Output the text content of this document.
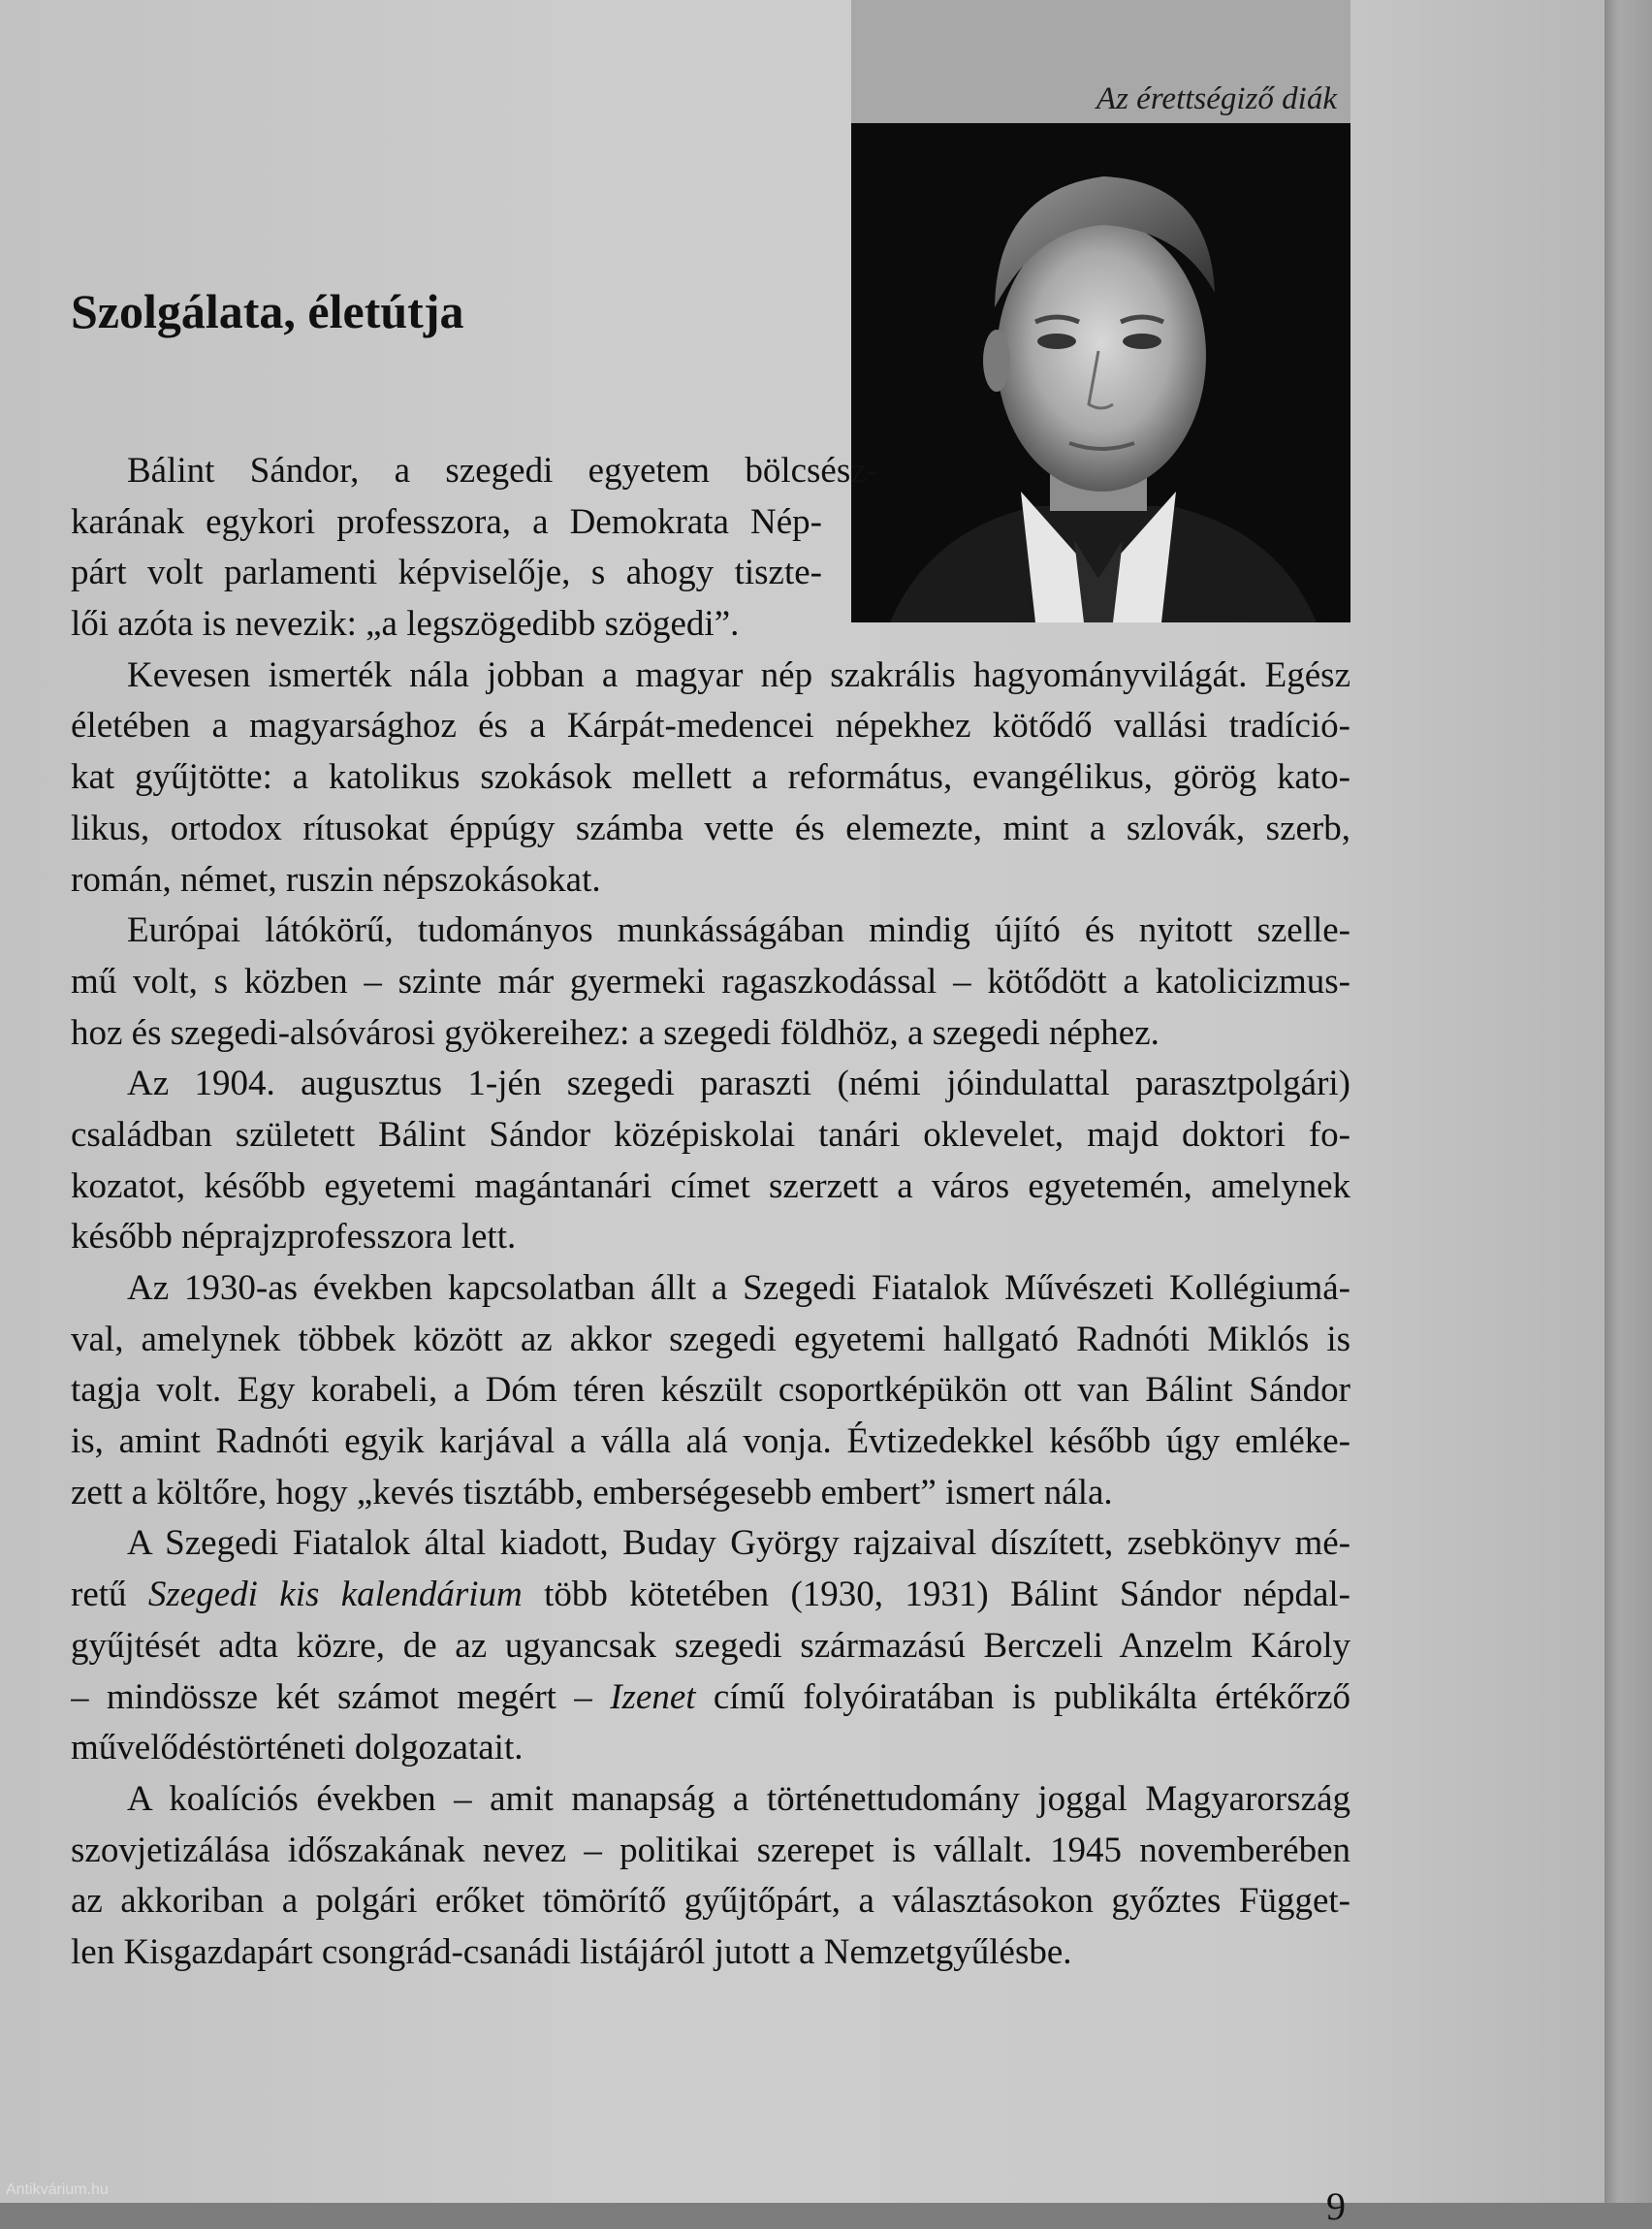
Az érettségiző diák
Szolgálata, életútja
Bálint Sándor, a szegedi egyetem bölcsész-
karának egykori professzora, a Demokrata Nép-
párt volt parlamenti képviselője, s ahogy tiszte-
lői azóta is nevezik: „a legszögedibb szögedi”.
Kevesen ismerték nála jobban a magyar nép szakrális hagyományvilágát. Egész
életében a magyarsághoz és a Kárpát-medencei népekhez kötődő vallási tradíció-
kat gyűjtötte: a katolikus szokások mellett a református, evangélikus, görög kato-
likus, ortodox rítusokat éppúgy számba vette és elemezte, mint a szlovák, szerb,
román, német, ruszin népszokásokat.
Európai látókörű, tudományos munkásságában mindig újító és nyitott szelle-
mű volt, s közben – szinte már gyermeki ragaszkodással – kötődött a katolicizmus-
hoz és szegedi-alsóvárosi gyökereihez: a szegedi földhöz, a szegedi néphez.
Az 1904. augusztus 1-jén szegedi paraszti (némi jóindulattal parasztpolgári)
családban született Bálint Sándor középiskolai tanári oklevelet, majd doktori fo-
kozatot, később egyetemi magántanári címet szerzett a város egyetemén, amelynek
később néprajzprofesszora lett.
Az 1930-as években kapcsolatban állt a Szegedi Fiatalok Művészeti Kollégiumá-
val, amelynek többek között az akkor szegedi egyetemi hallgató Radnóti Miklós is
tagja volt. Egy korabeli, a Dóm téren készült csoportképükön ott van Bálint Sándor
is, amint Radnóti egyik karjával a válla alá vonja. Évtizedekkel később úgy emléke-
zett a költőre, hogy „kevés tisztább, emberségesebb embert” ismert nála.
A Szegedi Fiatalok által kiadott, Buday György rajzaival díszített, zsebkönyv mé-
retű Szegedi kis kalendárium több kötetében (1930, 1931) Bálint Sándor népdal-
gyűjtését adta közre, de az ugyancsak szegedi származású Berczeli Anzelm Károly
– mindössze két számot megért – Izenet című folyóiratában is publikálta értékőrző
művelődéstörténeti dolgozatait.
A koalíciós években – amit manapság a történettudomány joggal Magyarország
szovjetizálása időszakának nevez – politikai szerepet is vállalt. 1945 novemberében
az akkoriban a polgári erőket tömörítő gyűjtőpárt, a választásokon győztes Függet-
len Kisgazdapárt csongrád-csanádi listájáról jutott a Nemzetgyűlésbe.
9
Antikvárium.hu
